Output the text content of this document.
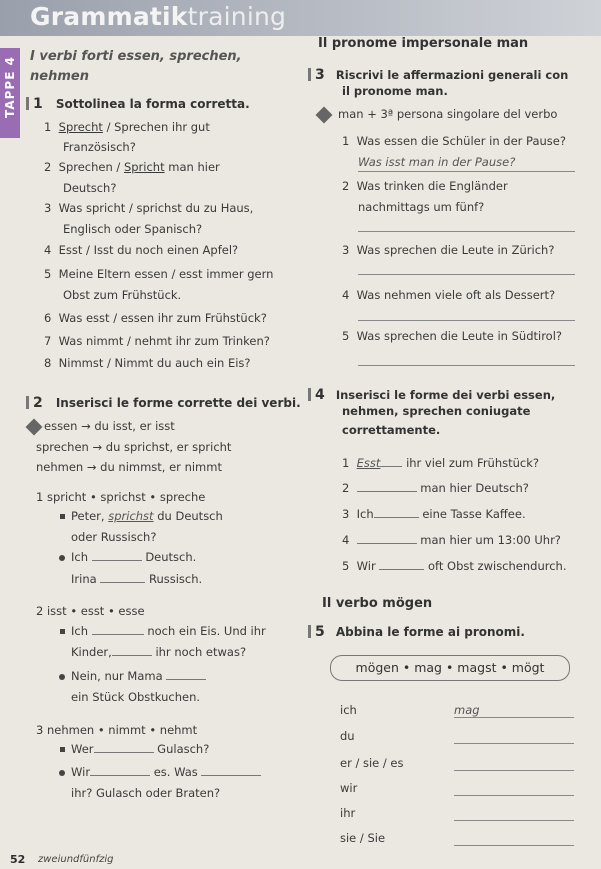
Grammatiktraining
TAPPE 4 I verbi forti essen, sprechen,
nehmen
1 Sottolinea la forma corretta.
1 Sprecht / Sprechen ihr gut
Französisch?
2 Sprechen / Spricht man hier
Deutsch?
3 Was spricht / sprichst du zu Haus,
Englisch oder Spanisch?
4 Esst / Isst du noch einen Apfel?
5 Meine Eltern essen / esst immer gern
Obst zum Frühstück.
6 Was esst / essen ihr zum Frühstück?
7 Was nimmt / nehmt ihr zum Trinken?
8 Nimmst / Nimmt du auch ein Eis?
2 Inserisci le forme corrette dei verbi.
essen → du isst, er isst
sprechen → du sprichst, er spricht
nehmen → du nimmst, er nimmt
1 spricht • sprichst • spreche
Peter, sprichst du Deutsch
oder Russisch?
Ich	Deutsch.
Irina	Russisch.
2 isst • esst • esse
Ich	noch ein Eis. Und ihr
Kinder,	ihr noch etwas?
Nein, nur Mama
ein Stück Obstkuchen.
3 nehmen • nimmt • nehmt
Wer	Gulasch?
Wir	es. Was
ihr? Gulasch oder Braten?
Il pronome impersonale man
3 Riscrivi le affermazioni generali con
il pronome man.
man + 3ª persona singolare del verbo
1 Was essen die Schüler in der Pause?
Was isst man in der Pause?
2 Was trinken die Engländer
nachmittags um fünf?
3 Was sprechen die Leute in Zürich?
4 Was nehmen viele oft als Dessert?
5 Was sprechen die Leute in Südtirol?
4 Inserisci le forme dei verbi essen,
nehmen, sprechen coniugate
correttamente.
1 Esst ihr viel zum Frühstück?
2	man hier Deutsch?
3 Ich	eine Tasse Kaffee.
4	man hier um 13:00 Uhr?
5 Wir	oft Obst zwischendurch.
Il verbo mögen
5 Abbina le forme ai pronomi.
mögen • mag • magst • mögt
ich	mag
du
er / sie / es
wir
ihr
sie / Sie
52 zweiundfünfzig
